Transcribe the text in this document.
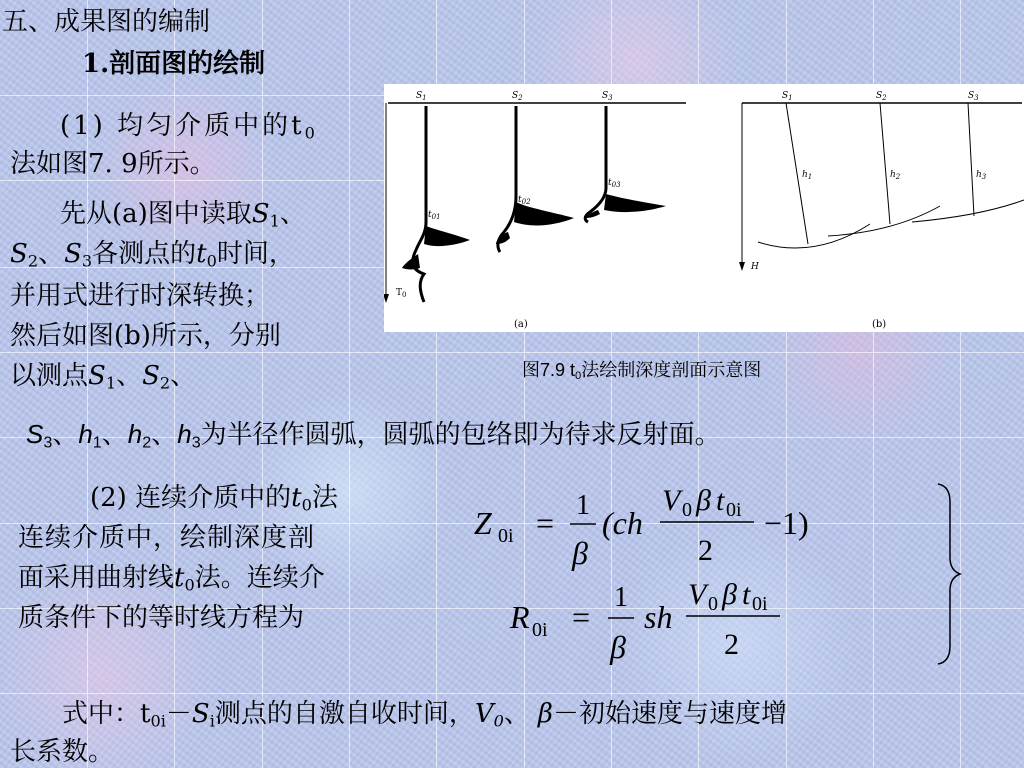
五、成果图的编制
1.剖面图的绘制
(1) 均匀介质中的$t_0$
法如图7. 9所示。
先从(a)图中读取$S_1$、
$S_2$、$S_3$各测点的$t_0$时间，
并用式进行时深转换；
然后如图(b)所示，分别
以测点$S_1$、$S_2$、
$T_0$
$S_1$	$S_2$	$S_3$
$t_{01}$
$t_{02}$
$t_{03}$
(a)
H
$S_1$	$S_2$	$S_3$
$h_1$	$h_2$	$h_3$
(b)
图7.9 $t_0$法绘制深度剖面示意图
$S_3$、$h_1$、$h_2$、$h_3$为半径作圆弧，圆弧的包络即为待求反射面。
(2) 连续介质中的$t_0$法
连续介质中，绘制深度剖
面采用曲射线$t_0$法。连续介
质条件下的等时线方程为
Z 0i = 1
β
(ch
V 0 β t 0i
2
−1)
R 0i =
1
β
sh
V 0 β t 0i
2
式中：$t_{0i}-S_i$测点的自激自收时间，$V_0$、 β－初始速度与速度增
长系数。
